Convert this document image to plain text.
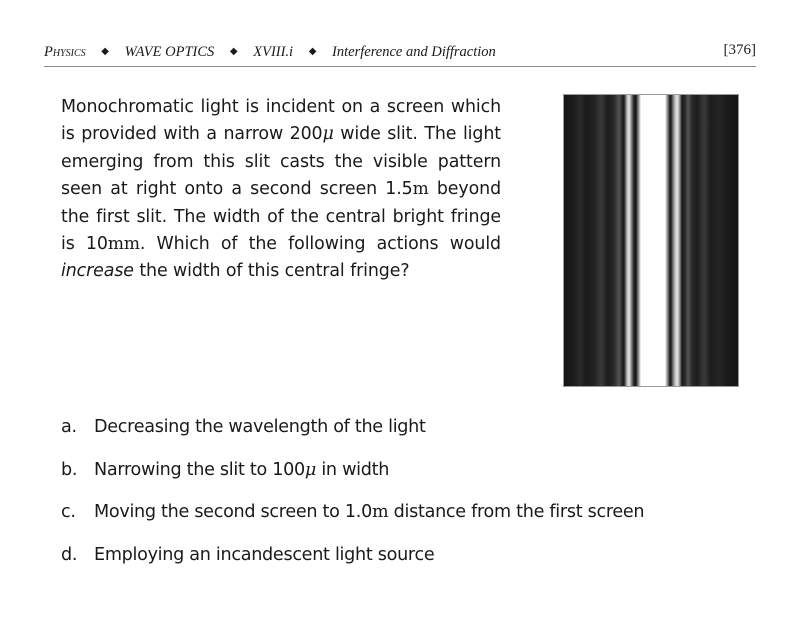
Physics ◆ WAVE OPTICS ◆ XVIII.i ◆ Interference and Diffraction	[376]
Monochromatic light is incident on a screen which is provided with a narrow 200μ wide slit. The light emerging from this slit casts the visible pattern seen at right onto a second screen 1.5m beyond the first slit. The width of the central bright fringe is 10mm. Which of the following actions would increase the width of this central fringe?
a. Decreasing the wavelength of the light
b. Narrowing the slit to 100μ in width
c. Moving the second screen to 1.0m distance from the first screen
d. Employing an incandescent light source
